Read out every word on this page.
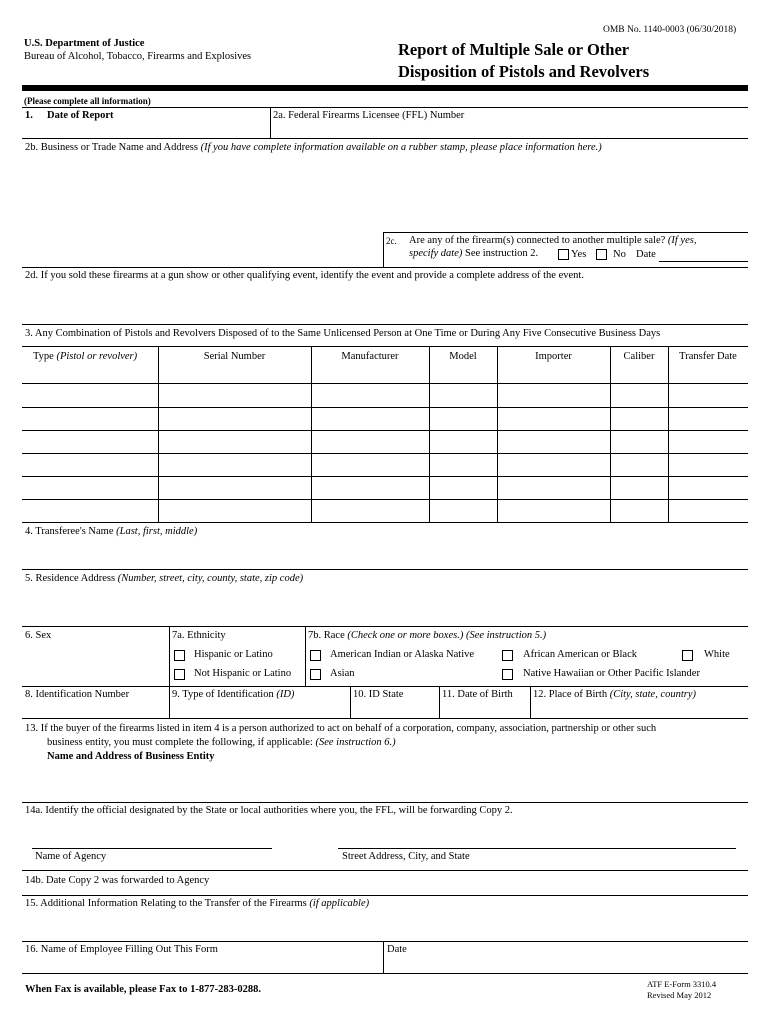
OMB No. 1140-0003 (06/30/2018)
U.S. Department of Justice
Bureau of Alcohol, Tobacco, Firearms and Explosives	Report of Multiple Sale or Other
Disposition of Pistols and Revolvers
(Please complete all information)
1. Date of Report	2a. Federal Firearms Licensee (FFL) Number
2b. Business or Trade Name and Address (If you have complete information available on a rubber stamp, please place information here.)
2c. Are any of the firearm(s) connected to another multiple sale? (If yes,
specify date) See instruction 2.	Yes	No Date
2d. If you sold these firearms at a gun show or other qualifying event, identify the event and provide a complete address of the event.
3. Any Combination of Pistols and Revolvers Disposed of to the Same Unlicensed Person at One Time or During Any Five Consecutive Business Days
Type (Pistol or revolver)	Serial Number	Manufacturer	Model	Importer	Caliber	Transfer Date
4. Transferee's Name (Last, first, middle)
5. Residence Address (Number, street, city, county, state, zip code)
6. Sex	7a. Ethnicity
Hispanic or Latino
Not Hispanic or Latino
7b. Race (Check one or more boxes.) (See instruction 5.)
American Indian or Alaska Native
Asian
African American or Black
Native Hawaiian or Other Pacific Islander
White
8. Identification Number	9. Type of Identification (ID)	10. ID State	11. Date of Birth 12. Place of Birth (City, state, country)
13. If the buyer of the firearms listed in item 4 is a person authorized to act on behalf of a corporation, company, association, partnership or other such
business entity, you must complete the following, if applicable: (See instruction 6.)
Name and Address of Business Entity
14a. Identify the official designated by the State or local authorities where you, the FFL, will be forwarding Copy 2.
Name of Agency	Street Address, City, and State
14b. Date Copy 2 was forwarded to Agency
15. Additional Information Relating to the Transfer of the Firearms (if applicable)
16. Name of Employee Filling Out This Form	Date
When Fax is available, please Fax to 1-877-283-0288.	ATF E-Form 3310.4
Revised May 2012
